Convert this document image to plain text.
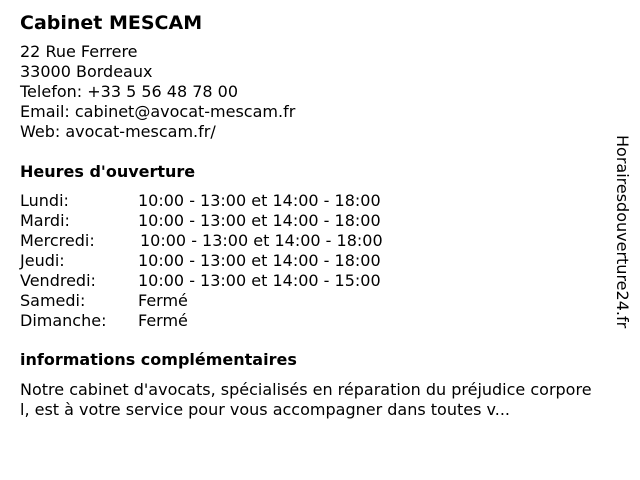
Cabinet MESCAM
22 Rue Ferrere
33000 Bordeaux
Telefon: +33 5 56 48 78 00
Email: cabinet@avocat-mescam.fr
Web: avocat-mescam.fr/
Heures d'ouverture
Lundi:	10:00 - 13:00 et 14:00 - 18:00
Mardi:	10:00 - 13:00 et 14:00 - 18:00
Mercredi:	10:00 - 13:00 et 14:00 - 18:00
Jeudi:	10:00 - 13:00 et 14:00 - 18:00
Vendredi:	10:00 - 13:00 et 14:00 - 15:00
Samedi:	Fermé
Dimanche:	Fermé
informations complémentaires
Notre cabinet d'avocats, spécialisés en réparation du préjudice corporel, est à votre service pour vous accompagner dans toutes v...
Horairesdouverture24.fr
